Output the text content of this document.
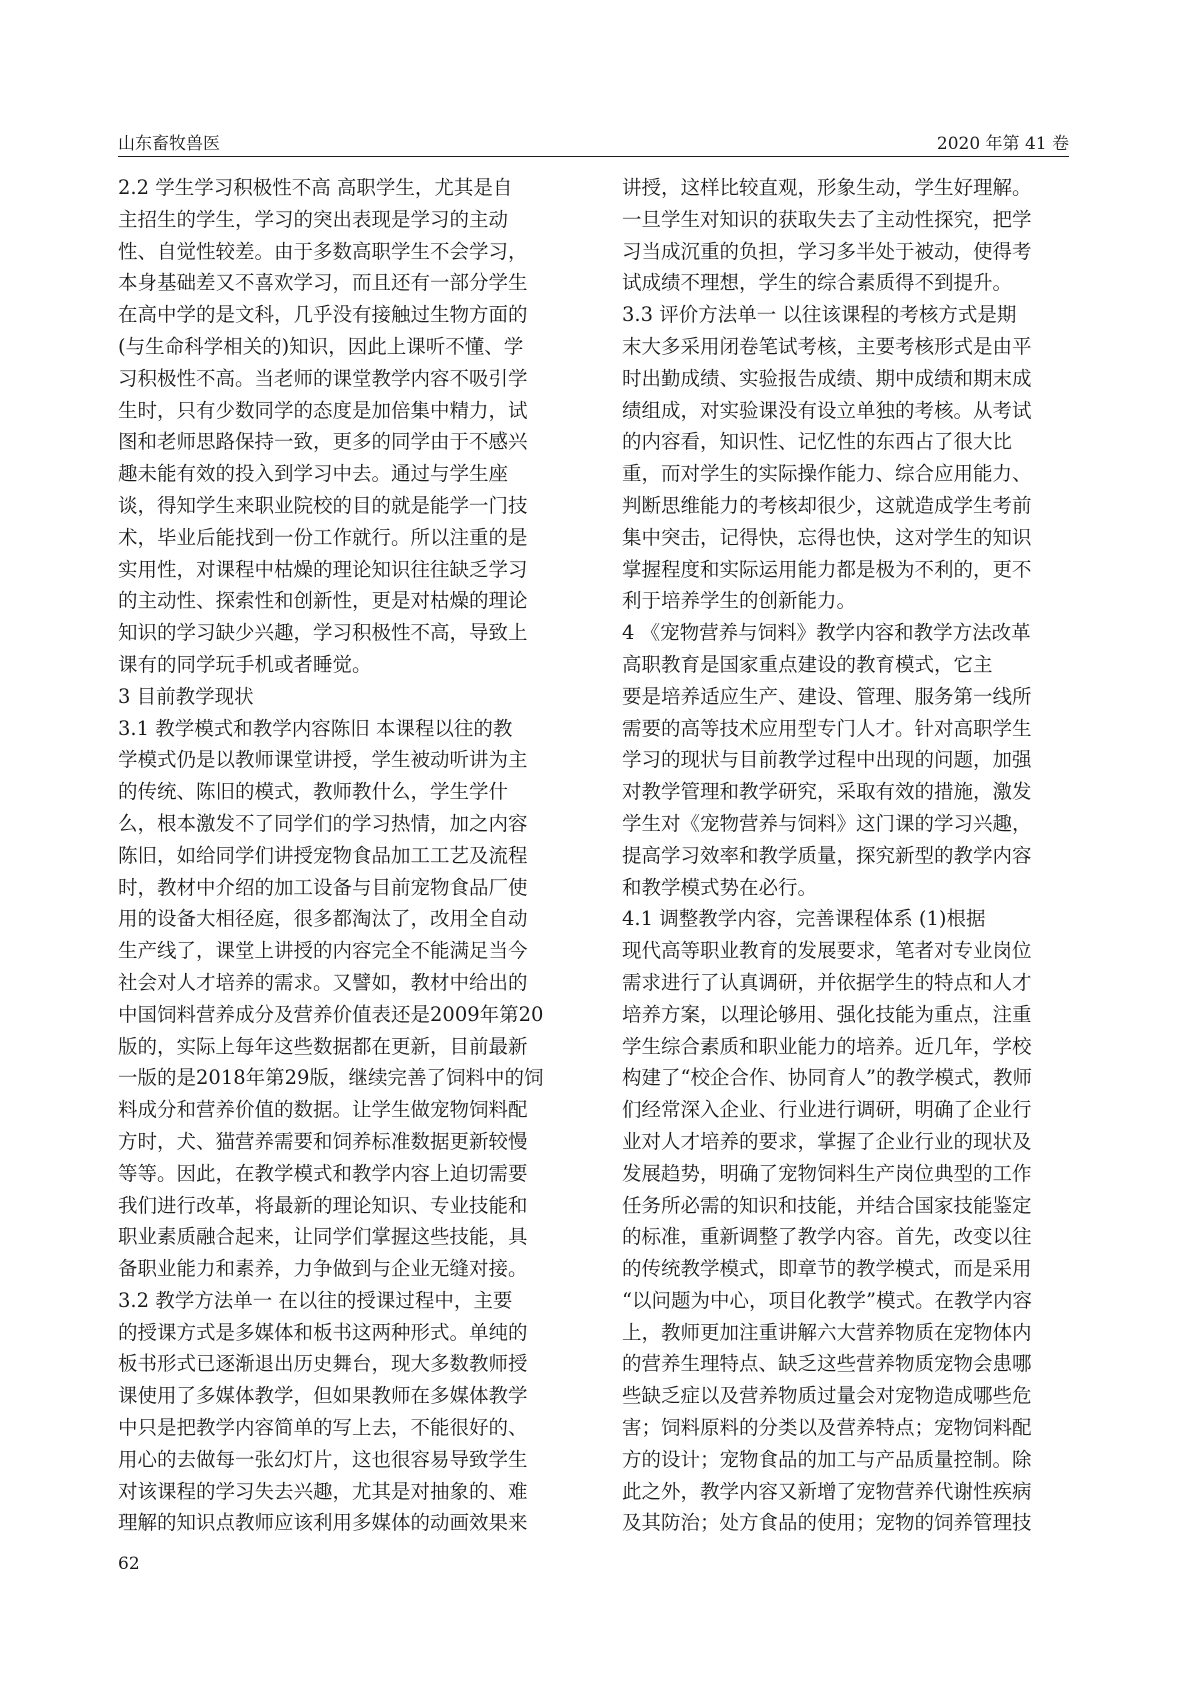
山东畜牧兽医	2020 年第 41 卷

2.2 学生学习积极性不高 高职学生，尤其是自

主招生的学生，学习的突出表现是学习的主动

性、自觉性较差。由于多数高职学生不会学习，

本身基础差又不喜欢学习，而且还有一部分学生

在高中学的是文科，几乎没有接触过生物方面的

(与生命科学相关的)知识，因此上课听不懂、学

习积极性不高。当老师的课堂教学内容不吸引学

生时，只有少数同学的态度是加倍集中精力，试

图和老师思路保持一致，更多的同学由于不感兴

趣未能有效的投入到学习中去。通过与学生座

谈，得知学生来职业院校的目的就是能学一门技

术，毕业后能找到一份工作就行。所以注重的是

实用性，对课程中枯燥的理论知识往往缺乏学习

的主动性、探索性和创新性，更是对枯燥的理论

知识的学习缺少兴趣，学习积极性不高，导致上

课有的同学玩手机或者睡觉。

3 目前教学现状

3.1 教学模式和教学内容陈旧 本课程以往的教

学模式仍是以教师课堂讲授，学生被动听讲为主

的传统、陈旧的模式，教师教什么，学生学什

么，根本激发不了同学们的学习热情，加之内容

陈旧，如给同学们讲授宠物食品加工工艺及流程

时，教材中介绍的加工设备与目前宠物食品厂使

用的设备大相径庭，很多都淘汰了，改用全自动

生产线了，课堂上讲授的内容完全不能满足当今

社会对人才培养的需求。又譬如，教材中给出的

中国饲料营养成分及营养价值表还是2009年第20

版的，实际上每年这些数据都在更新，目前最新

一版的是2018年第29版，继续完善了饲料中的饲

料成分和营养价值的数据。让学生做宠物饲料配

方时，犬、猫营养需要和饲养标准数据更新较慢

等等。因此，在教学模式和教学内容上迫切需要

我们进行改革，将最新的理论知识、专业技能和

职业素质融合起来，让同学们掌握这些技能，具

备职业能力和素养，力争做到与企业无缝对接。

3.2 教学方法单一 在以往的授课过程中，主要

的授课方式是多媒体和板书这两种形式。单纯的

板书形式已逐渐退出历史舞台，现大多数教师授

课使用了多媒体教学，但如果教师在多媒体教学

中只是把教学内容简单的写上去，不能很好的、

用心的去做每一张幻灯片，这也很容易导致学生

对该课程的学习失去兴趣，尤其是对抽象的、难

理解的知识点教师应该利用多媒体的动画效果来

讲授，这样比较直观，形象生动，学生好理解。

一旦学生对知识的获取失去了主动性探究，把学

习当成沉重的负担，学习多半处于被动，使得考

试成绩不理想，学生的综合素质得不到提升。

3.3 评价方法单一 以往该课程的考核方式是期

末大多采用闭卷笔试考核，主要考核形式是由平

时出勤成绩、实验报告成绩、期中成绩和期末成

绩组成，对实验课没有设立单独的考核。从考试

的内容看，知识性、记忆性的东西占了很大比

重，而对学生的实际操作能力、综合应用能力、

判断思维能力的考核却很少，这就造成学生考前

集中突击，记得快，忘得也快，这对学生的知识

掌握程度和实际运用能力都是极为不利的，更不

利于培养学生的创新能力。

4 《宠物营养与饲料》教学内容和教学方法改革

高职教育是国家重点建设的教育模式，它主

要是培养适应生产、建设、管理、服务第一线所

需要的高等技术应用型专门人才。针对高职学生

学习的现状与目前教学过程中出现的问题，加强

对教学管理和教学研究，采取有效的措施，激发

学生对《宠物营养与饲料》这门课的学习兴趣，

提高学习效率和教学质量，探究新型的教学内容

和教学模式势在必行。

4.1 调整教学内容，完善课程体系 (1)根据

现代高等职业教育的发展要求，笔者对专业岗位

需求进行了认真调研，并依据学生的特点和人才

培养方案，以理论够用、强化技能为重点，注重

学生综合素质和职业能力的培养。近几年，学校

构建了“校企合作、协同育人”的教学模式，教师

们经常深入企业、行业进行调研，明确了企业行

业对人才培养的要求，掌握了企业行业的现状及

发展趋势，明确了宠物饲料生产岗位典型的工作

任务所必需的知识和技能，并结合国家技能鉴定

的标准，重新调整了教学内容。首先，改变以往

的传统教学模式，即章节的教学模式，而是采用

“以问题为中心，项目化教学”模式。在教学内容

上，教师更加注重讲解六大营养物质在宠物体内

的营养生理特点、缺乏这些营养物质宠物会患哪

些缺乏症以及营养物质过量会对宠物造成哪些危

害；饲料原料的分类以及营养特点；宠物饲料配

方的设计；宠物食品的加工与产品质量控制。除

此之外，教学内容又新增了宠物营养代谢性疾病

及其防治；处方食品的使用；宠物的饲养管理技

62
